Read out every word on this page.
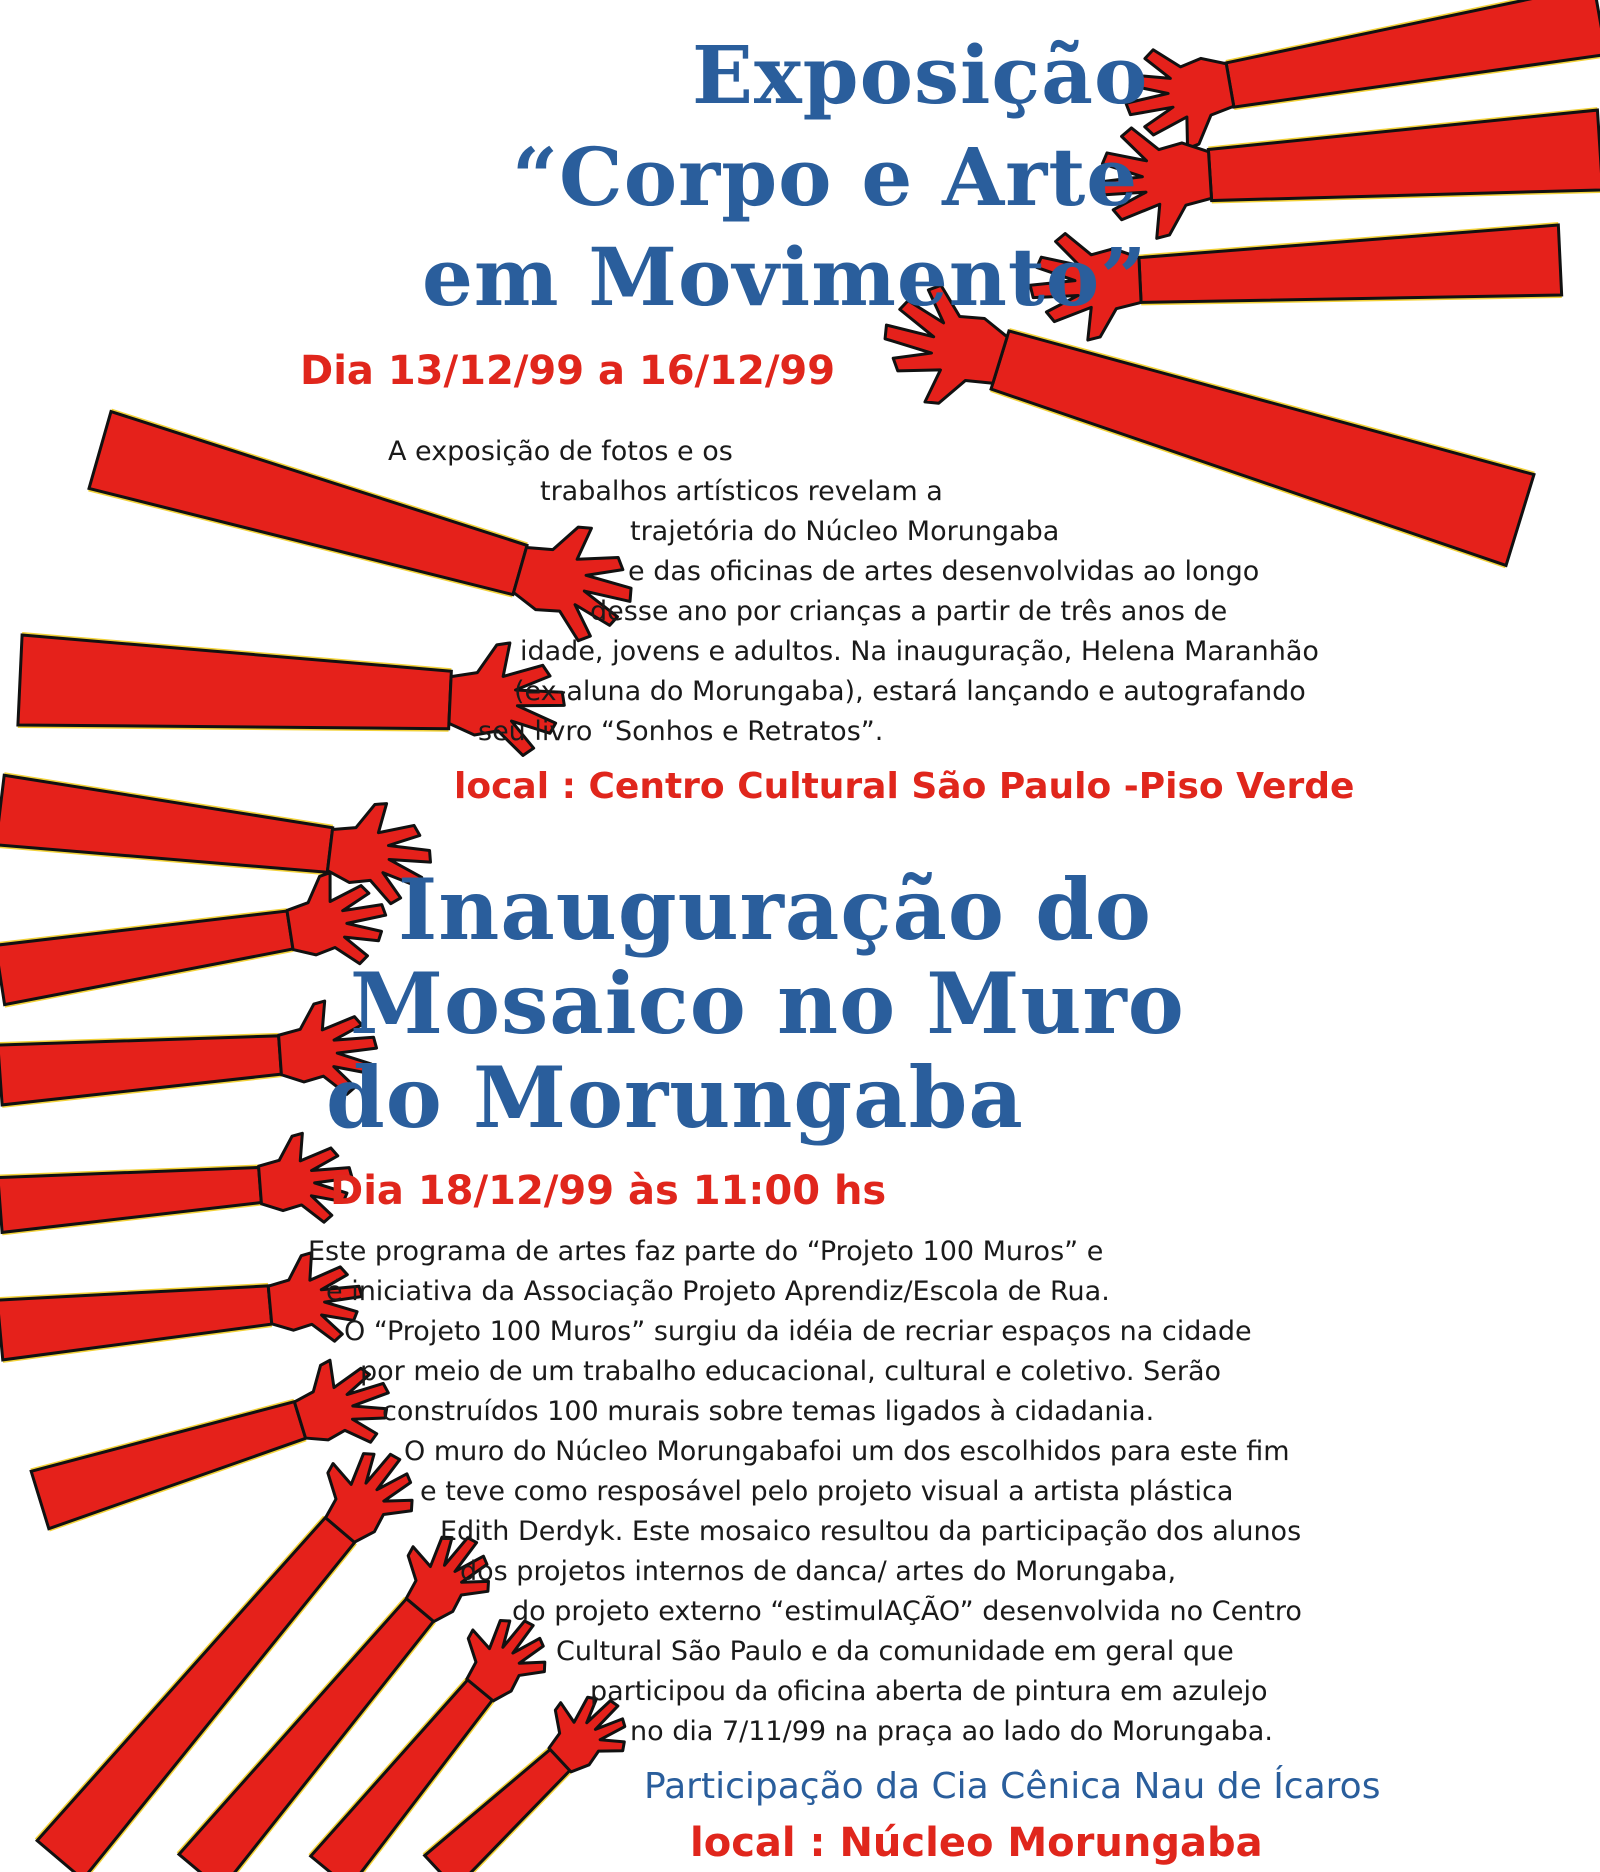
Exposição
“Corpo e Arte
em Movimento”
Dia 13/12/99 a 16/12/99
A exposição de fotos e os
trabalhos artísticos revelam a
trajetória do Núcleo Morungaba
e das oficinas de artes desenvolvidas ao longo
desse ano por crianças a partir de três anos de
idade, jovens e adultos. Na inauguração, Helena Maranhão
(ex-aluna do Morungaba), estará lançando e autografando
seu livro “Sonhos e Retratos”.
local : Centro Cultural São Paulo -Piso Verde
Inauguração do
Mosaico no Muro
do Morungaba
Dia 18/12/99 às 11:00 hs
Este programa de artes faz parte do “Projeto 100 Muros” e
é iniciativa da Associação Projeto Aprendiz/Escola de Rua.
O “Projeto 100 Muros” surgiu da idéia de recriar espaços na cidade
por meio de um trabalho educacional, cultural e coletivo. Serão
construídos 100 murais sobre temas ligados à cidadania.
O muro do Núcleo Morungabafoi um dos escolhidos para este fim
e teve como resposável pelo projeto visual a artista plástica
Edith Derdyk. Este mosaico resultou da participação dos alunos
dos projetos internos de danca/ artes do Morungaba,
do projeto externo “estimulAÇÃO” desenvolvida no Centro
Cultural São Paulo e da comunidade em geral que
participou da oficina aberta de pintura em azulejo
no dia 7/11/99 na praça ao lado do Morungaba.
Participação da Cia Cênica Nau de Ícaros
local : Núcleo Morungaba
